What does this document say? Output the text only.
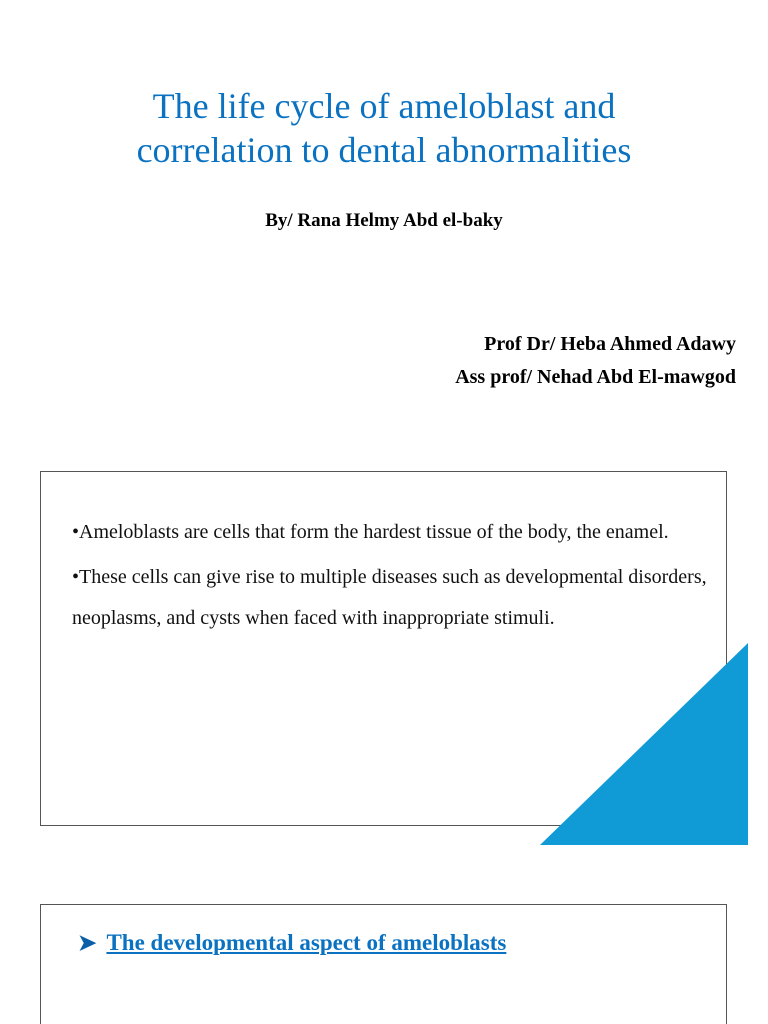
The life cycle of ameloblast and
correlation to dental abnormalities
By/ Rana Helmy Abd el-baky
Prof Dr/ Heba Ahmed Adawy
Ass prof/ Nehad Abd El-mawgod

•Ameloblasts are cells that form the hardest tissue of the body, the enamel.

•These cells can give rise to multiple diseases such as developmental disorders, neoplasms, and cysts when faced with inappropriate stimuli.

➤ The developmental aspect of ameloblasts
